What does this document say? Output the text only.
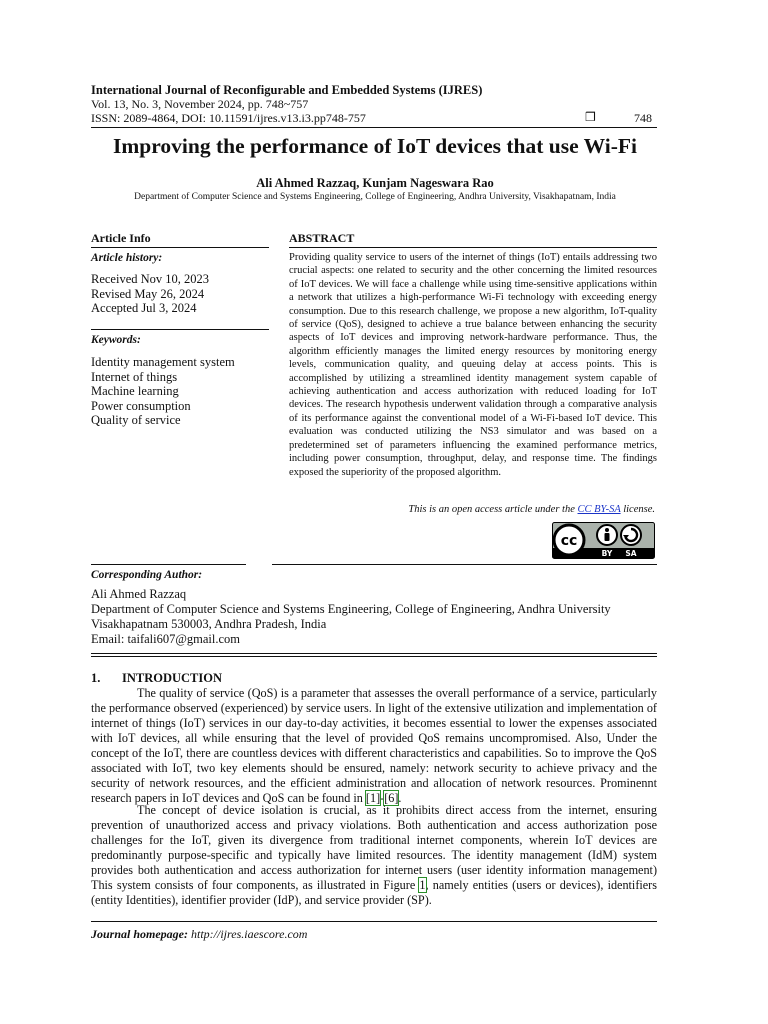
International Journal of Reconfigurable and Embedded Systems (IJRES)
Vol. 13, No. 3, November 2024, pp. 748~757
ISSN: 2089-4864, DOI: 10.11591/ijres.v13.i3.pp748-757	❒	748
Improving the performance of IoT devices that use Wi-Fi
Ali Ahmed Razzaq, Kunjam Nageswara Rao
Department of Computer Science and Systems Engineering, College of Engineering, Andhra University, Visakhapatnam, India
Article Info
Article history:
Received Nov 10, 2023
Revised May 26, 2024
Accepted Jul 3, 2024
Keywords:
Identity management system
Internet of things
Machine learning
Power consumption
Quality of service
ABSTRACT
Providing quality service to users of the internet of things (IoT) entails addressing two crucial aspects: one related to security and the other concerning the limited resources of IoT devices. We will face a challenge while using time-sensitive applications within a network that utilizes a high-performance Wi-Fi technology with exceeding energy consumption. Due to this research challenge, we propose a new algorithm, IoT-quality of service (QoS), designed to achieve a true balance between enhancing the security aspects of IoT devices and improving network-hardware performance. Thus, the algorithm efficiently manages the limited energy resources by monitoring energy levels, communication quality, and queuing delay at access points. This is accomplished by utilizing a streamlined identity management system capable of achieving authentication and access authorization with reduced loading for IoT devices. The research hypothesis underwent validation through a comparative analysis of its performance against the conventional model of a Wi-Fi-based IoT device. This evaluation was conducted utilizing the NS3 simulator and was based on a predetermined set of parameters influencing the examined performance metrics, including power consumption, throughput, delay, and response time. The findings exposed the superiority of the proposed algorithm.
This is an open access article under the CC BY-SA license.
cc
BY SA
Corresponding Author:
Ali Ahmed Razzaq
Department of Computer Science and Systems Engineering, College of Engineering, Andhra University
Visakhapatnam 530003, Andhra Pradesh, India
Email: taifali607@gmail.com
1. INTRODUCTION

The quality of service (QoS) is a parameter that assesses the overall performance of a service, particularly the performance observed (experienced) by service users. In light of the extensive utilization and implementation of internet of things (IoT) services in our day-to-day activities, it becomes essential to lower the expenses associated with IoT devices, all while ensuring that the level of provided QoS remains uncompromised. Also, Under the concept of the IoT, there are countless devices with different characteristics and capabilities. So to improve the QoS associated with IoT, two key elements should be ensured, namely: network security to achieve privacy and the security of network resources, and the efficient administration and allocation of network resources. Prominennt research papers in IoT devices and QoS can be found in [1]-[6].

The concept of device isolation is crucial, as it prohibits direct access from the internet, ensuring prevention of unauthorized access and privacy violations. Both authentication and access authorization pose challenges for the IoT, given its divergence from traditional internet components, wherein IoT devices are predominantly purpose-specific and typically have limited resources. The identity management (IdM) system provides both authentication and access authorization for internet users (user identity information management) This system consists of four components, as illustrated in Figure 1, namely entities (users or devices), identifiers (entity Identities), identifier provider (IdP), and service provider (SP).

Journal homepage: http://ijres.iaescore.com
